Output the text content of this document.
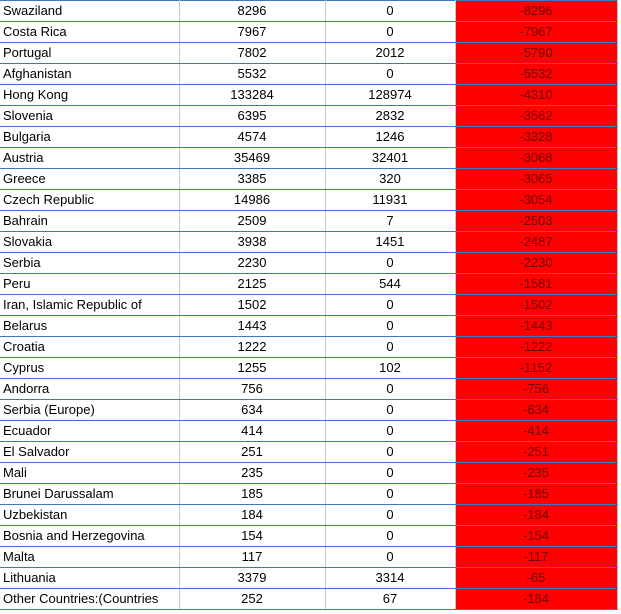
Swaziland	8296	0	-8296
Costa Rica	7967	0	-7967
Portugal	7802	2012	-5790
Afghanistan	5532	0	-5532
Hong Kong	133284	128974	-4310
Slovenia	6395	2832	-3562
Bulgaria	4574	1246	-3328
Austria	35469	32401	-3068
Greece	3385	320	-3065
Czech Republic	14986	11931	-3054
Bahrain	2509	7	-2503
Slovakia	3938	1451	-2487
Serbia	2230	0	-2230
Peru	2125	544	-1581
Iran, Islamic Republic of	1502	0	-1502
Belarus	1443	0	-1443
Croatia	1222	0	-1222
Cyprus	1255	102	-1152
Andorra	756	0	-756
Serbia (Europe)	634	0	-634
Ecuador	414	0	-414
El Salvador	251	0	-251
Mali	235	0	-235
Brunei Darussalam	185	0	-185
Uzbekistan	184	0	-184
Bosnia and Herzegovina	154	0	-154
Malta	117	0	-117
Lithuania	3379	3314	-65
Other Countries:(Countries	252	67	-184
